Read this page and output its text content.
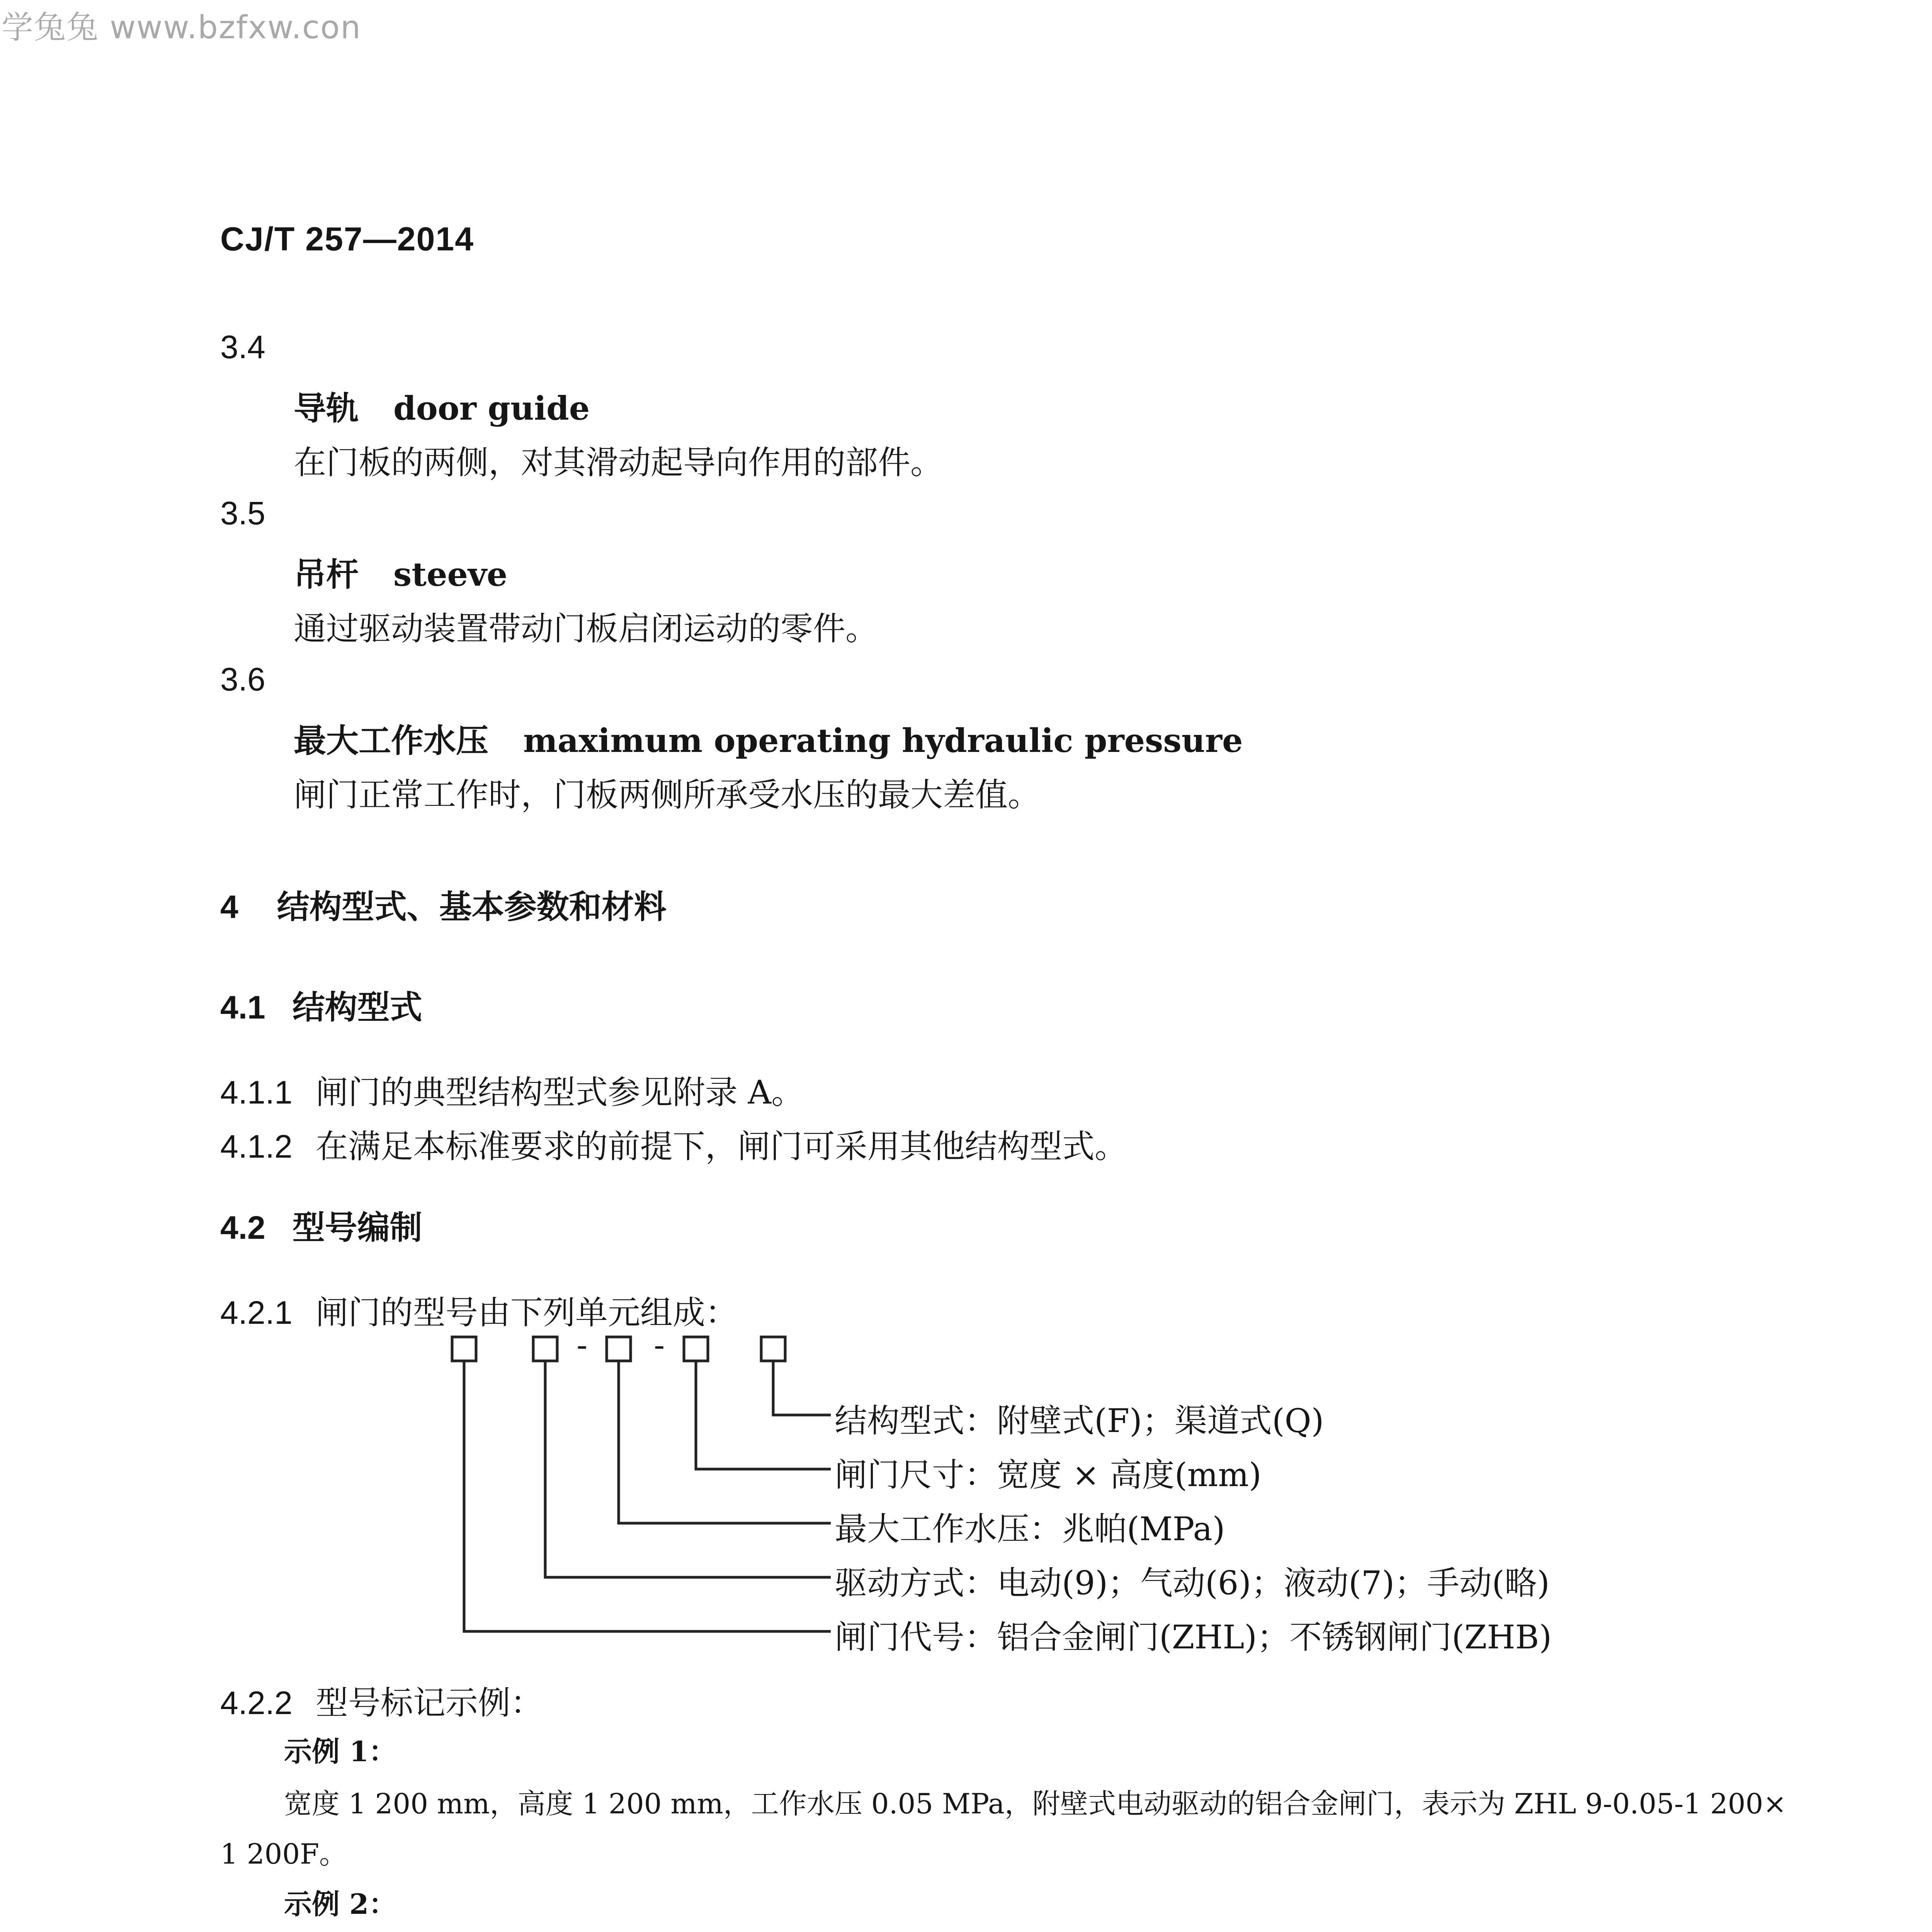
学兔兔 www.bzfxw.con
CJ/T 257—2014
3.4
导轨 door guide
在门板的两侧，对其滑动起导向作用的部件。
3.5
吊杆 steeve
通过驱动装置带动门板启闭运动的零件。
3.6
最大工作水压 maximum operating hydraulic pressure
闸门正常工作时，门板两侧所承受水压的最大差值。
4 结构型式、基本参数和材料
4.1 结构型式
4.1.1 闸门的典型结构型式参见附录 A。
4.1.2 在满足本标准要求的前提下，闸门可采用其他结构型式。
4.2 型号编制
4.2.1 闸门的型号由下列单元组成：
- -
结构型式：附壁式(F)；渠道式(Q)
闸门尺寸：宽度 × 高度(mm)
最大工作水压：兆帕(MPa)
驱动方式：电动(9)；气动(6)；液动(7)；手动(略)
闸门代号：铝合金闸门(ZHL)；不锈钢闸门(ZHB)
4.2.2 型号标记示例：
示例 1：
宽度 1 200 mm，高度 1 200 mm，工作水压 0.05 MPa，附壁式电动驱动的铝合金闸门，表示为 ZHL 9-0.05-1 200×
1 200F。
示例 2：
